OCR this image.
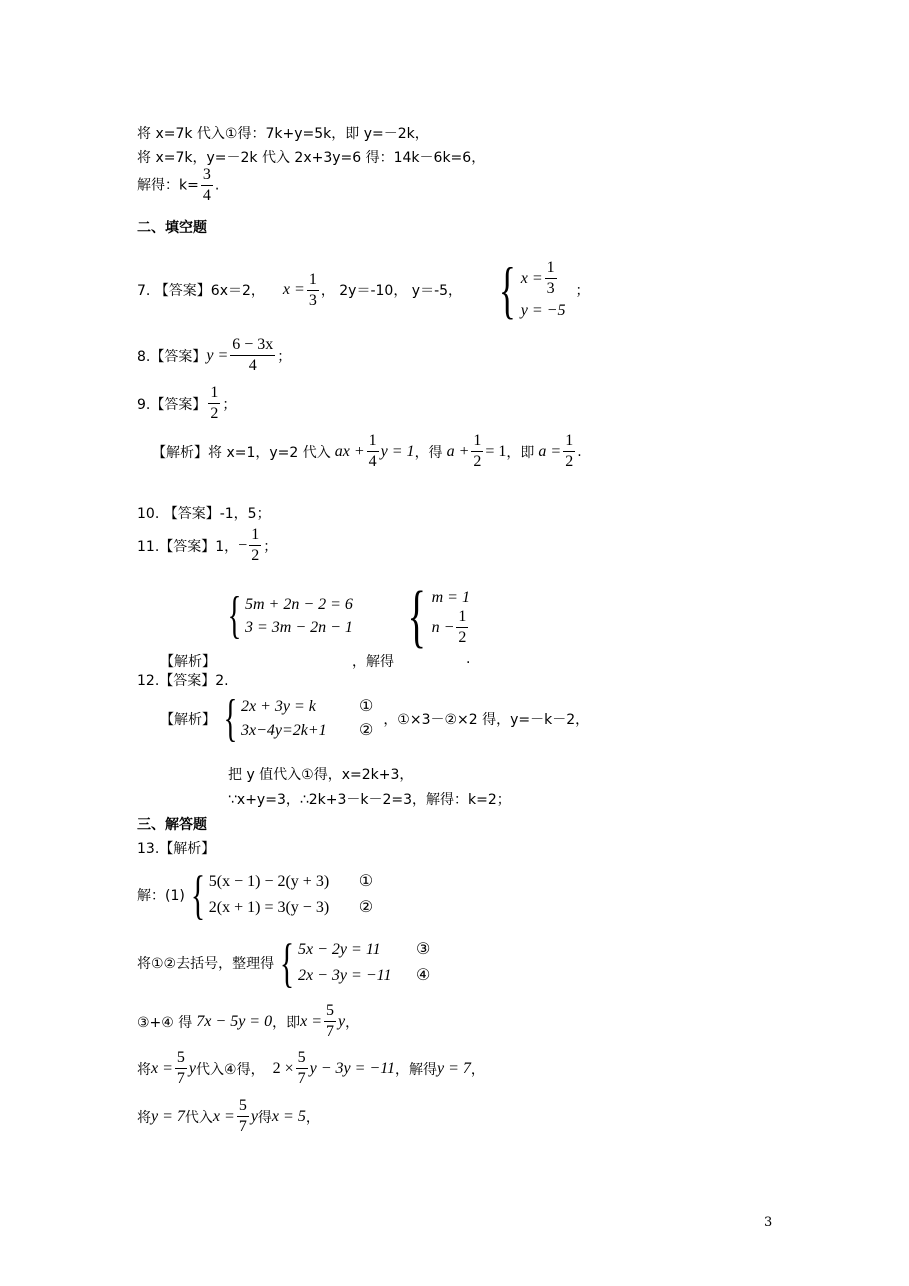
将 x=7k 代入①得：7k+y=5k，即 y=－2k，
将 x=7k，y=－2k 代入 2x+3y=6 得：14k－6k=6，
解得：$k= \frac{3}{4}$ .
二、填空题
7. 【答案】6x＝2， $x = \frac{1}{3}$ ， 2y＝-10， y＝-5， { $x = \frac{1}{3}$
y = −5
；
8.【答案】 $y = \frac{6 - 3x}{4}$ ；
9.【答案】 $\frac{1}{2}$ ；
【解析】将 x=1，y=2 代入 ax + $\frac{1}{4}$ y = 1 ，得 $a + \frac{1}{2} = 1$ ，即 $a = \frac{1}{2}$ .
10. 【答案】-1，5；
11.【答案】1， − $\frac{1}{2}$ ；
{ 5m + 2n − 2 = 6
3 = 3m − 2n − 1 { m = 1
$n - \frac{1}{2}$
【解析】	，解得	.
12.【答案】2.
【解析】 { 2x + 3y = k	①
3x−4y=2k+1 ②
，①×3－②×2 得，y=－k－2，
把 y 值代入①得，x=2k+3，
∵x+y=3，∴2k+3－k－2=3，解得：k=2；
三、解答题
13.【解析】
解：(1) { 5(x − 1) − 2(y + 3) ①
2(x + 1) = 3(y − 3) ②
将①②去括号，整理得 { 5x − 2y = 11 ③
2x − 3y = −11 ④
③+④ 得 7x − 5y = 0 ，即 $x = \frac{5}{7}$ y ，
将 $x = \frac{5}{7}$ y 代入④得， $2 \times \frac{5}{7}$ y − 3y = −11 ，解得 y = 7 ，
将 y = 7 代入 $x = \frac{5}{7}$ y 得 x = 5 ，
3
